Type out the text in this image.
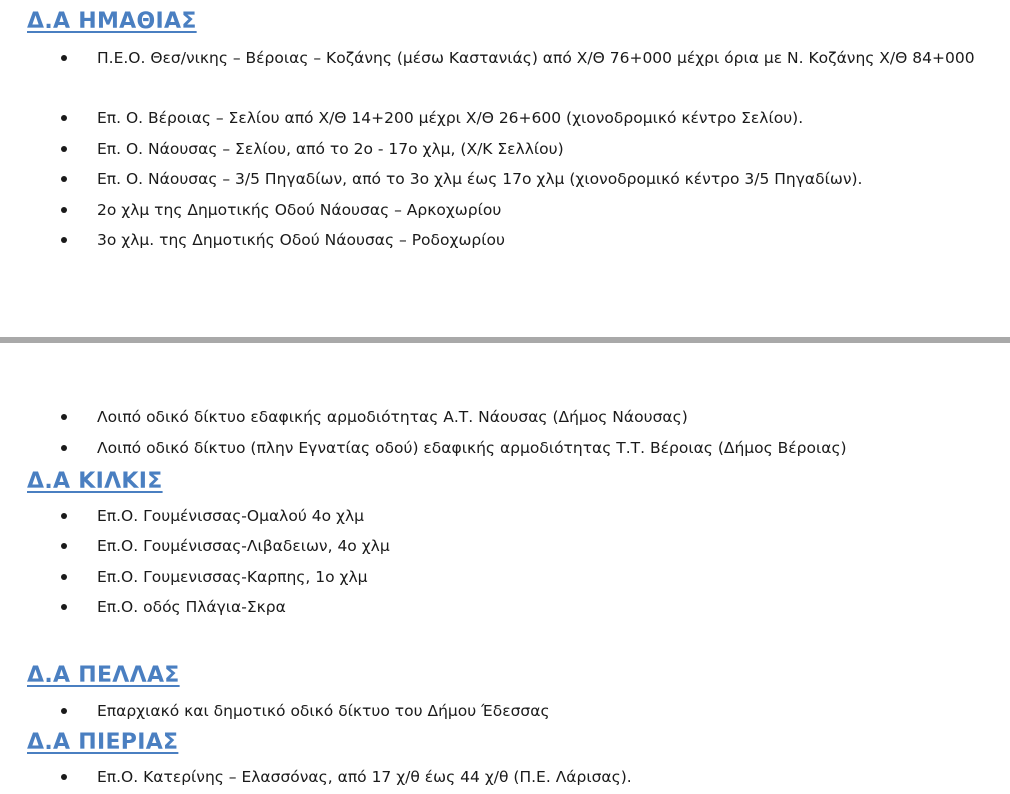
Δ.Α ΗΜΑΘΙΑΣ
Π.Ε.Ο. Θεσ/νικης – Βέροιας – Κοζάνης (μέσω Καστανιάς) από Χ/Θ 76+000 μέχρι όρια με Ν. Κοζάνης Χ/Θ 84+000
Επ. Ο. Βέροιας – Σελίου από Χ/Θ 14+200 μέχρι Χ/Θ 26+600 (χιονοδρομικό κέντρο Σελίου).
Επ. Ο. Νάουσας – Σελίου, από το 2ο - 17ο χλμ, (Χ/Κ Σελλίου)
Επ. Ο. Νάουσας – 3/5 Πηγαδίων, από το 3ο χλμ έως 17ο χλμ (χιονοδρομικό κέντρο 3/5 Πηγαδίων).
2ο χλμ της Δημοτικής Οδού Νάουσας – Αρκοχωρίου
3ο χλμ. της Δημοτικής Οδού Νάουσας – Ροδοχωρίου
Λοιπό οδικό δίκτυο εδαφικής αρμοδιότητας Α.Τ. Νάουσας (Δήμος Νάουσας)
Λοιπό οδικό δίκτυο (πλην Εγνατίας οδού) εδαφικής αρμοδιότητας Τ.Τ. Βέροιας (Δήμος Βέροιας)
Δ.Α ΚΙΛΚΙΣ
Επ.Ο. Γουμένισσας-Ομαλού 4ο χλμ
Επ.Ο. Γουμένισσας-Λιβαδειων, 4ο χλμ
Επ.Ο. Γουμενισσας-Καρπης, 1ο χλμ
Επ.Ο. οδός Πλάγια-Σκρα
Δ.Α ΠΕΛΛΑΣ
Επαρχιακό και δημοτικό οδικό δίκτυο του Δήμου Έδεσσας
Δ.Α ΠΙΕΡΙΑΣ
Επ.Ο. Κατερίνης – Ελασσόνας, από 17 χ/θ έως 44 χ/θ (Π.Ε. Λάρισας).
